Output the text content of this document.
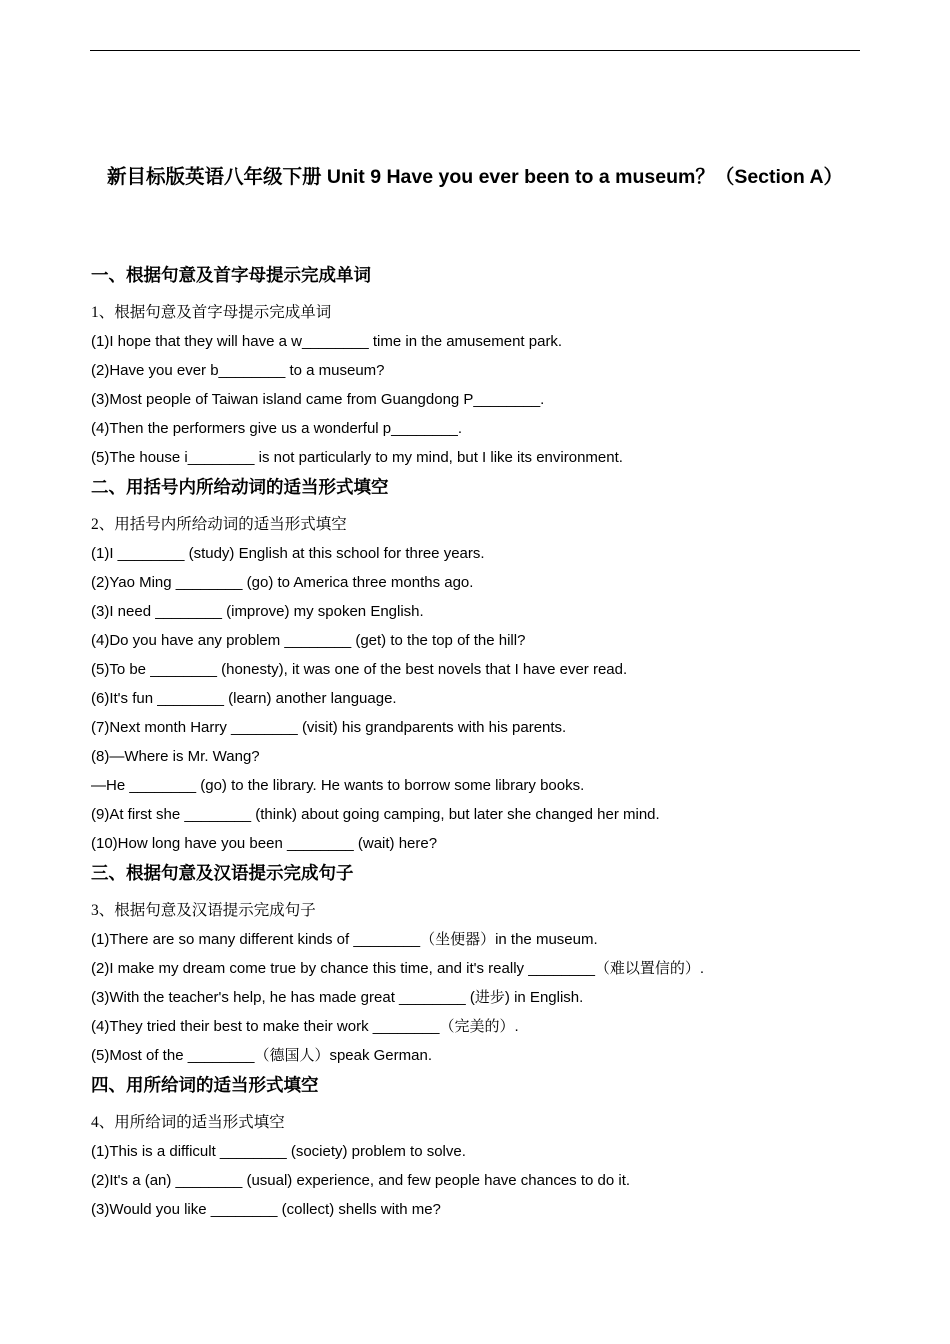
新目标版英语八年级下册 Unit 9 Have you ever been to a museum？（Section A）

一、根据句意及首字母提示完成单词

1、根据句意及首字母提示完成单词

(1)I hope that they will have a w________ time in the amusement park.

(2)Have you ever b________ to a museum?

(3)Most people of Taiwan island came from Guangdong P________.

(4)Then the performers give us a wonderful p________.

(5)The house i________ is not particularly to my mind, but I like its environment.

二、用括号内所给动词的适当形式填空

2、用括号内所给动词的适当形式填空

(1)I ________ (study) English at this school for three years.

(2)Yao Ming ________ (go) to America three months ago.

(3)I need ________ (improve) my spoken English.

(4)Do you have any problem ________ (get) to the top of the hill?

(5)To be ________ (honesty), it was one of the best novels that I have ever read.

(6)It's fun ________ (learn) another language.

(7)Next month Harry ________ (visit) his grandparents with his parents.

(8)—Where is Mr. Wang?

—He ________ (go) to the library. He wants to borrow some library books.

(9)At first she ________ (think) about going camping, but later she changed her mind.

(10)How long have you been ________ (wait) here?

三、根据句意及汉语提示完成句子

3、根据句意及汉语提示完成句子

(1)There are so many different kinds of ________（坐便器）in the museum.

(2)I make my dream come true by chance this time, and it's really ________（难以置信的）.

(3)With the teacher's help, he has made great ________ (进步) in English.

(4)They tried their best to make their work ________（完美的）.

(5)Most of the ________（德国人）speak German.

四、用所给词的适当形式填空

4、用所给词的适当形式填空

(1)This is a difficult ________ (society) problem to solve.

(2)It's a (an) ________ (usual) experience, and few people have chances to do it.

(3)Would you like ________ (collect) shells with me?
